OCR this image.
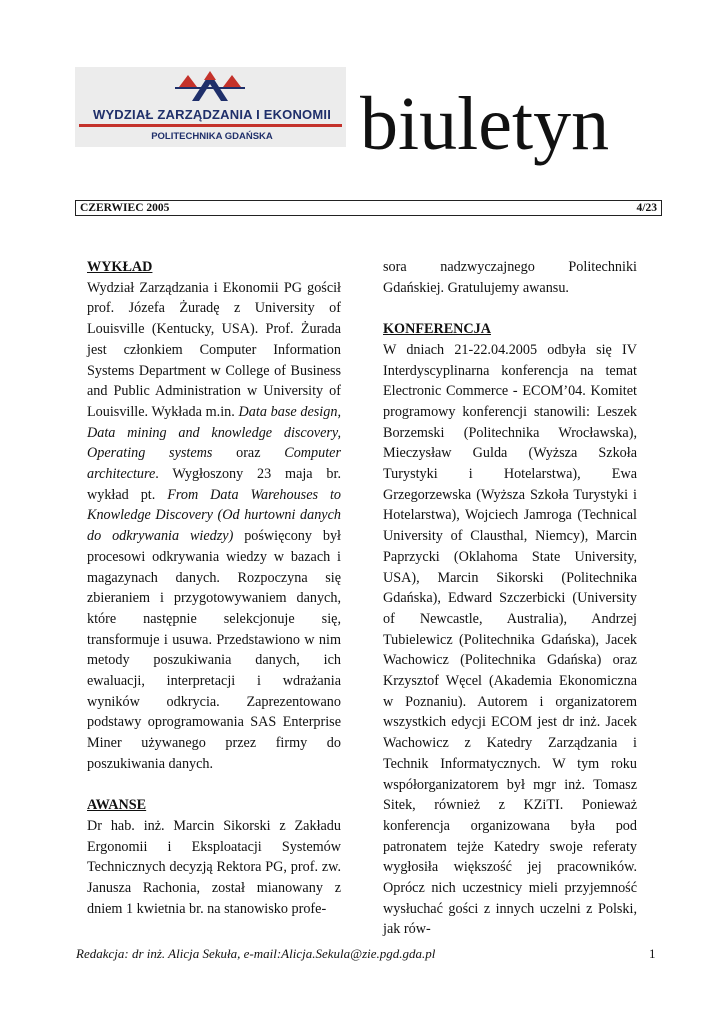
WYDZIAŁ ZARZĄDZANIA I EKONOMII
POLITECHNIKA GDAŃSKA	biuletyn
CZERWIEC 2005	4/23

WYKŁAD

Wydział Zarządzania i Ekonomii PG gościł prof. Józefa Żuradę z University of Louisville (Kentucky, USA). Prof. Żurada jest członkiem Computer Information Systems Department w College of Business and Public Administration w University of Louisville. Wykłada m.in. Data base design, Data mining and knowledge discovery, Operating systems oraz Computer architecture. Wygłoszony 23 maja br. wykład pt. From Data Warehouses to Knowledge Discovery (Od hurtowni danych do odkrywania wiedzy) poświęcony był procesowi odkrywania wiedzy w bazach i magazynach danych. Rozpoczyna się zbieraniem i przygotowywaniem danych, które następnie selekcjonuje się, transformuje i usuwa. Przedstawiono w nim metody poszukiwania danych, ich ewaluacji, interpretacji i wdrażania wyników odkrycia. Zaprezentowano podstawy oprogramowania SAS Enterprise Miner używanego przez firmy do poszukiwania danych.

AWANSE

Dr hab. inż. Marcin Sikorski z Zakładu Ergonomii i Eksploatacji Systemów Technicznych decyzją Rektora PG, prof. zw. Janusza Rachonia, został mianowany z dniem 1 kwietnia br. na stanowisko profe-

sora nadzwyczajnego Politechniki Gdańskiej. Gratulujemy awansu.

KONFERENCJA

W dniach 21-22.04.2005 odbyła się IV Interdyscyplinarna konferencja na temat Electronic Commerce - ECOM’04. Komitet programowy konferencji stanowili: Leszek Borzemski (Politechnika Wrocławska), Mieczysław Gulda (Wyższa Szkoła Turystyki i Hotelarstwa), Ewa Grzegorzewska (Wyższa Szkoła Turystyki i Hotelarstwa), Wojciech Jamroga (Technical University of Clausthal, Niemcy), Marcin Paprzycki (Oklahoma State University, USA), Marcin Sikorski (Politechnika Gdańska), Edward Szczerbicki (University of Newcastle, Australia), Andrzej Tubielewicz (Politechnika Gdańska), Jacek Wachowicz (Politechnika Gdańska) oraz Krzysztof Węcel (Akademia Ekonomiczna w Poznaniu). Autorem i organizatorem wszystkich edycji ECOM jest dr inż. Jacek Wachowicz z Katedry Zarządzania i Technik Informatycznych. W tym roku współorganizatorem był mgr inż. Tomasz Sitek, również z KZiTI. Ponieważ konferencja organizowana była pod patronatem tejże Katedry swoje referaty wygłosiła większość jej pracowników. Oprócz nich uczestnicy mieli przyjemność wysłuchać gości z innych uczelni z Polski, jak rów-

Redakcja: dr inż. Alicja Sekuła, e-mail:Alicja.Sekula@zie.pgd.gda.pl	1
